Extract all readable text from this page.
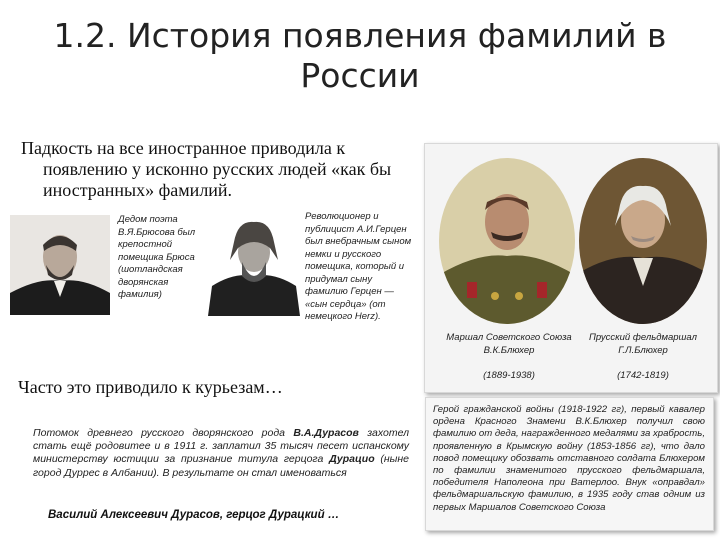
1.2. История появления фамилий в России
Падкость на все иностранное приводила к
появлению у исконно русских людей «как бы иностранных» фамилий.
Дедом поэта В.Я.Брюсова был крепостной помещика Брюса (шотландская дворянская фамилия)
Революционер и публицист А.И.Герцен был внебрачным сыном немки и русского помещика, который и придумал сыну фамилию Герцен — «сын сердца» (от немецкого Herz).
Маршал Советского Союза В.К.Блюхер
(1889-1938)
Прусский фельдмаршал Г.Л.Блюхер
(1742-1819)
Часто это приводило к курьезам…
Потомок древнего русского дворянского рода В.А.Дурасов захотел стать ещё родовитее и в 1911 г. заплатил 35 тысяч песет испанскому министерству юстиции за признание титула герцога Дурацио (ныне город Дуррес в Албании). В результате он стал именоваться
Василий Алексеевич Дурасов, герцог Дурацкий …
Герой гражданской войны (1918-1922 гг), первый кавалер ордена Красного Знамени В.К.Блюхер получил свою фамилию от деда, награжденного медалями за храбрость, проявленную в Крымскую войну (1853-1856 гг), что дало повод помещику обозвать отставного солдата Блюхером по фамилии знаменитого прусского фельдмаршала, победителя Наполеона при Ватерлоо. Внук «оправдал» фельдмаршальскую фамилию, в 1935 году став одним из первых Маршалов Советского Союза
